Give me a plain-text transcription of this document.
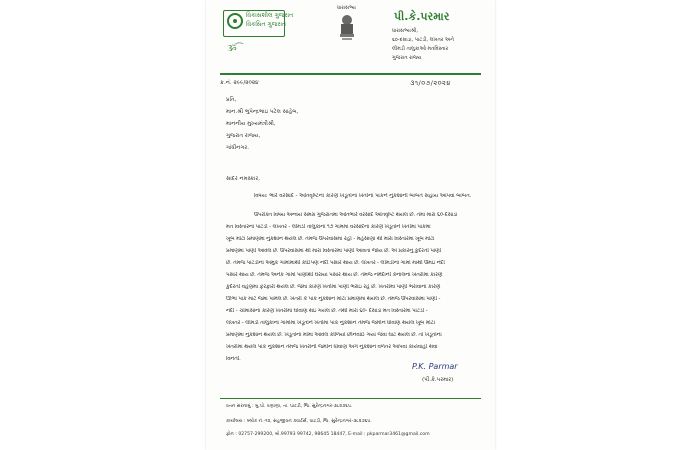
વિકાસશીલ ગુજરાત
વિકસિત ગુજરાત
ૐ⁀
ધારાસભ્ય
પી.કે.પરમાર
ધારાસભ્યશ્રી,
૬૦-દસાડા, પાટડી, લખતર અને
લીમડી તાલુકાઓ મતવિસ્તાર
ગુજરાત રાજ્ય
ક્ર.નં. ૨૯૯/૨૦૨૪	૩૧/૦૭/૨૦૨૪
પ્રતિ,
માન.શ્રી ભુપેન્દ્રભાઇ પટેલ સાહેબ,
માનનીય મુખ્યમંત્રીશ્રી,
ગુજરાત રાજ્ય,
ગાંધીનગર.
સાદર નમસ્કાર,
વિષય: ભારે વરસાદ - અતિવૃષ્ટિના કારણે ખેડૂતોના ખેતીના પાકને નુકશાની બાબતે સહાય આપવા બાબત.
ઉપરોક્ત વિષય અન્વયે સમગ્ર ગુજરાતમાં અતિભારે વરસાદ અતિવૃષ્ટિ થયેલ છે. તેમાં મારા ૬૦-દસાડા
મત વિસ્તારના પાટડી - લખતર - લીમડી તાલુકાના ૧૭ ગામમાં વરસાદના કારણે ખેડૂતોને ખેતીમાં પાકમાં
ખૂબ મોટા પ્રમાણમાં નુકશાન થયેલ છે. તેમજ ઉપરવાસમાં રહી - મહેસાણા થી મારા વિસ્તારમાં ખૂબ મોટા
પ્રમાણમાં પાણી આવેલ છે. ઉપરવાસમાં થી મારા વિસ્તારમાં પાણી આવતા જાય છે. એ પ્રકારનું કુદરતી પાણી
છે. તેમજ પાટડીના અમુક ગામોમાંથી કોઈપણ નદી પસાર થાય છે. લખતર - લીમડીના ગામો માંથી ઉમઇ નદી
પસાર થાય છે. તેમજ અનેક ગામો પાણીથી ઘેરાયા પસાર થાય છે. તેમજ નર્મદાની કેનાલના ખેતરોમાં કારણે
કુદરતી વહેણમાં ફેરફારો થયેલ છે. જેમાં કારણે ખેતીમાં પાણી ભરાઇ રહે છે. ખેતરોમાં પાણી ભરાવાના કારણે
ઊભા પાક માટે જમા પામેલ છે. ખેતરો કે પાક નુકશાન મોટા પ્રમાણમાં થયેલ છે. તેમજ ઉપરવાસમાં પાણી -
નદી - ચોમાસાના કારણે ખેતરોમાં ઘોવાણ થઇ ગયેલ છે. તેથી મારા ૬૦- દસાડા મત વિસ્તારમાં પાટડી -
લખતર - લીમડી તાલુકાના ગામોમાં ખેડૂતોને ખેતીમાં પાક નુકશાન તેમજ જમીન ધોવાણ થયેલ ખૂબ મોટા
પ્રમાણમાં નુકશાન થયેલ છે. ખેડૂતોના મોંમા આવેલ કોળિયો છીનવાઈ ગયા જેવા ઘાટ થયેલ છે. તો ખેડૂતોના
ખેતરોમાં થયેલ પાક નુકશાન તેમજ ખેતરોની જમીન ધોવાણ અંગે નુકશાન વળતર આપવા કાર્યવાહી થવા
વિનંતી.
P.K. Parmar
(પી.કે.પરમાર)
વતન સરનામું : મુ.પો. વણાણા, તા. પાટડી, જિ. સુરેન્દ્રનગર-૩૮૨૭૬૫.
કાર્યાલય : બ્લોક નં.-૧૨, સહજીવન ક્વાર્ટર્સ, પાટડી, જિ. સુરેન્દ્રનગર-૩૮૨૭૬૫.
ફોન : 02757-299200, મો.99793 99742, 98645 18447, E-mail : pkparmar3461@gmail.com
